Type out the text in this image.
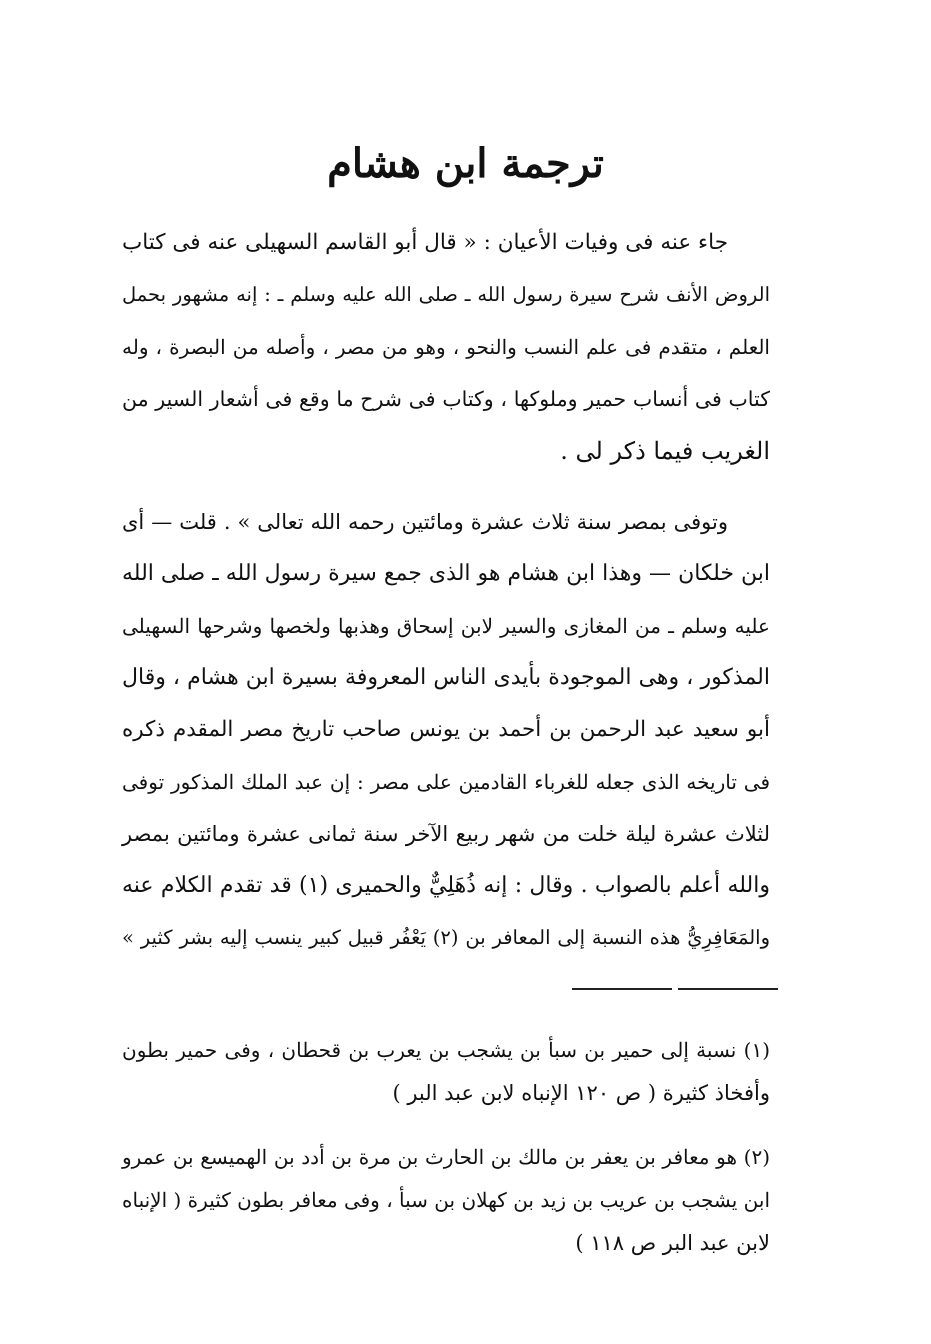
ترجمة ابن هشام
جاء عنه فى وفيات الأعيان : « قال أبو القاسم السهيلى عنه فى كتاب
الروض الأنف شرح سيرة رسول الله ـ صلى الله عليه وسلم ـ : إنه مشهور بحمل
العلم ، متقدم فى علم النسب والنحو ، وهو من مصر ، وأصله من البصرة ، وله
كتاب فى أنساب حمير وملوكها ، وكتاب فى شرح ما وقع فى أشعار السير من
الغريب فيما ذكر لى .
وتوفى بمصر سنة ثلاث عشرة ومائتين رحمه الله تعالى » . قلت — أى
ابن خلكان — وهذا ابن هشام هو الذى جمع سيرة رسول الله ـ صلى الله
عليه وسلم ـ من المغازى والسير لابن إسحاق وهذبها ولخصها وشرحها السهيلى
المذكور ، وهى الموجودة بأيدى الناس المعروفة بسيرة ابن هشام ، وقال
أبو سعيد عبد الرحمن بن أحمد بن يونس صاحب تاريخ مصر المقدم ذكره
فى تاريخه الذى جعله للغرباء القادمين على مصر : إن عبد الملك المذكور توفى
لثلاث عشرة ليلة خلت من شهر ربيع الآخر سنة ثمانى عشرة ومائتين بمصر
والله أعلم بالصواب . وقال : إنه ذُهَلِيٌّ والحميرى (١) قد تقدم الكلام عنه
والمَعَافِرِيُّ هذه النسبة إلى المعافر بن (٢) يَعْفُر قبيل كبير ينسب إليه بشر كثير »
(١) نسبة إلى حمير بن سبأ بن يشجب بن يعرب بن قحطان ، وفى حمير بطون
وأفخاذ كثيرة ( ص ١٢٠ الإنباه لابن عبد البر )
(٢) هو معافر بن يعفر بن مالك بن الحارث بن مرة بن أدد بن الهميسع بن عمرو
ابن يشجب بن عريب بن زيد بن كهلان بن سبأ ، وفى معافر بطون كثيرة ( الإنباه
لابن عبد البر ص ١١٨ )
